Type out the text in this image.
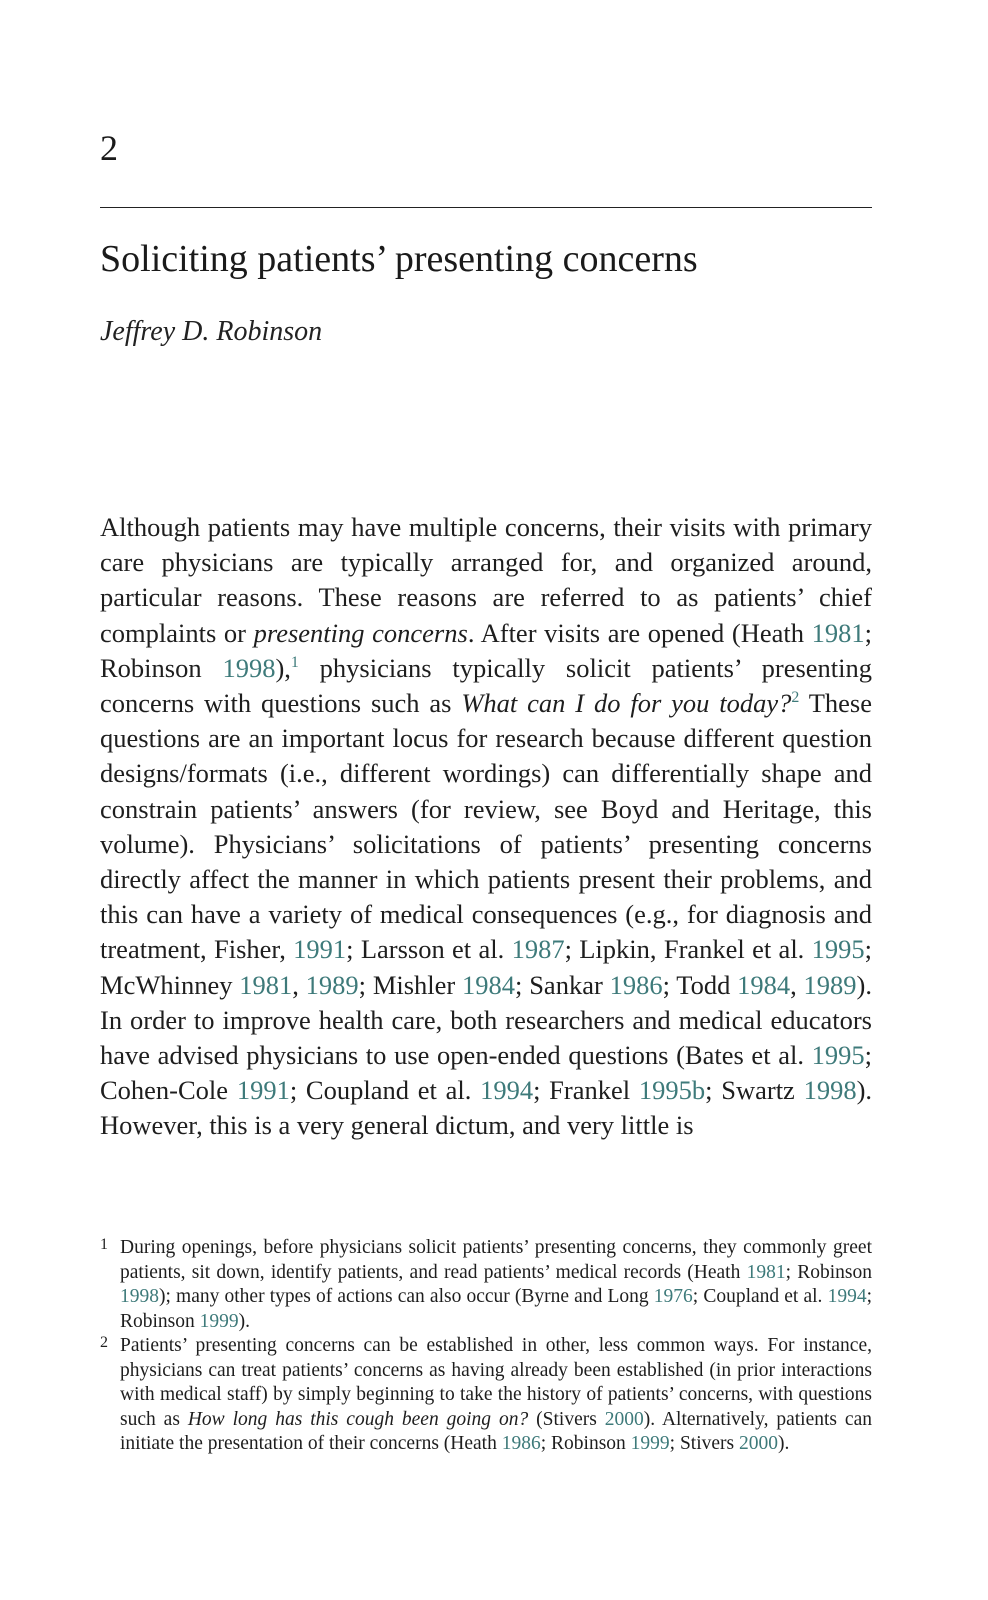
2
Soliciting patients’ presenting concerns

Jeffrey D. Robinson

Although patients may have multiple concerns, their visits with primary care physicians are typically arranged for, and organized around, particular reasons. These reasons are referred to as patients’ chief complaints or presenting concerns. After visits are opened (Heath 1981; Robinson 1998),$^1$ physicians typically solicit patients’ presenting concerns with questions such as What can I do for you today?$^2$ These questions are an important locus for research because different question designs/formats (i.e., different wordings) can differentially shape and constrain patients’ answers (for review, see Boyd and Heritage, this volume). Physicians’ solicitations of patients’ presenting concerns directly affect the manner in which patients present their problems, and this can have a variety of medical consequences (e.g., for diagnosis and treatment, Fisher, 1991; Larsson et al. 1987; Lipkin, Frankel et al. 1995; McWhinney 1981, 1989; Mishler 1984; Sankar 1986; Todd 1984, 1989). In order to improve health care, both researchers and medical educators have advised physicians to use open-ended questions (Bates et al. 1995; Cohen-Cole 1991; Coupland et al. 1994; Frankel 1995b; Swartz 1998). However, this is a very general dictum, and very little is

1 During openings, before physicians solicit patients’ presenting concerns, they commonly greet patients, sit down, identify patients, and read patients’ medical records (Heath 1981; Robinson 1998); many other types of actions can also occur (Byrne and Long 1976; Coupland et al. 1994; Robinson 1999).
2 Patients’ presenting concerns can be established in other, less common ways. For instance, physicians can treat patients’ concerns as having already been established (in prior interactions with medical staff) by simply beginning to take the history of patients’ concerns, with questions such as How long has this cough been going on? (Stivers 2000). Alternatively, patients can initiate the presentation of their concerns (Heath 1986; Robinson 1999; Stivers 2000).
